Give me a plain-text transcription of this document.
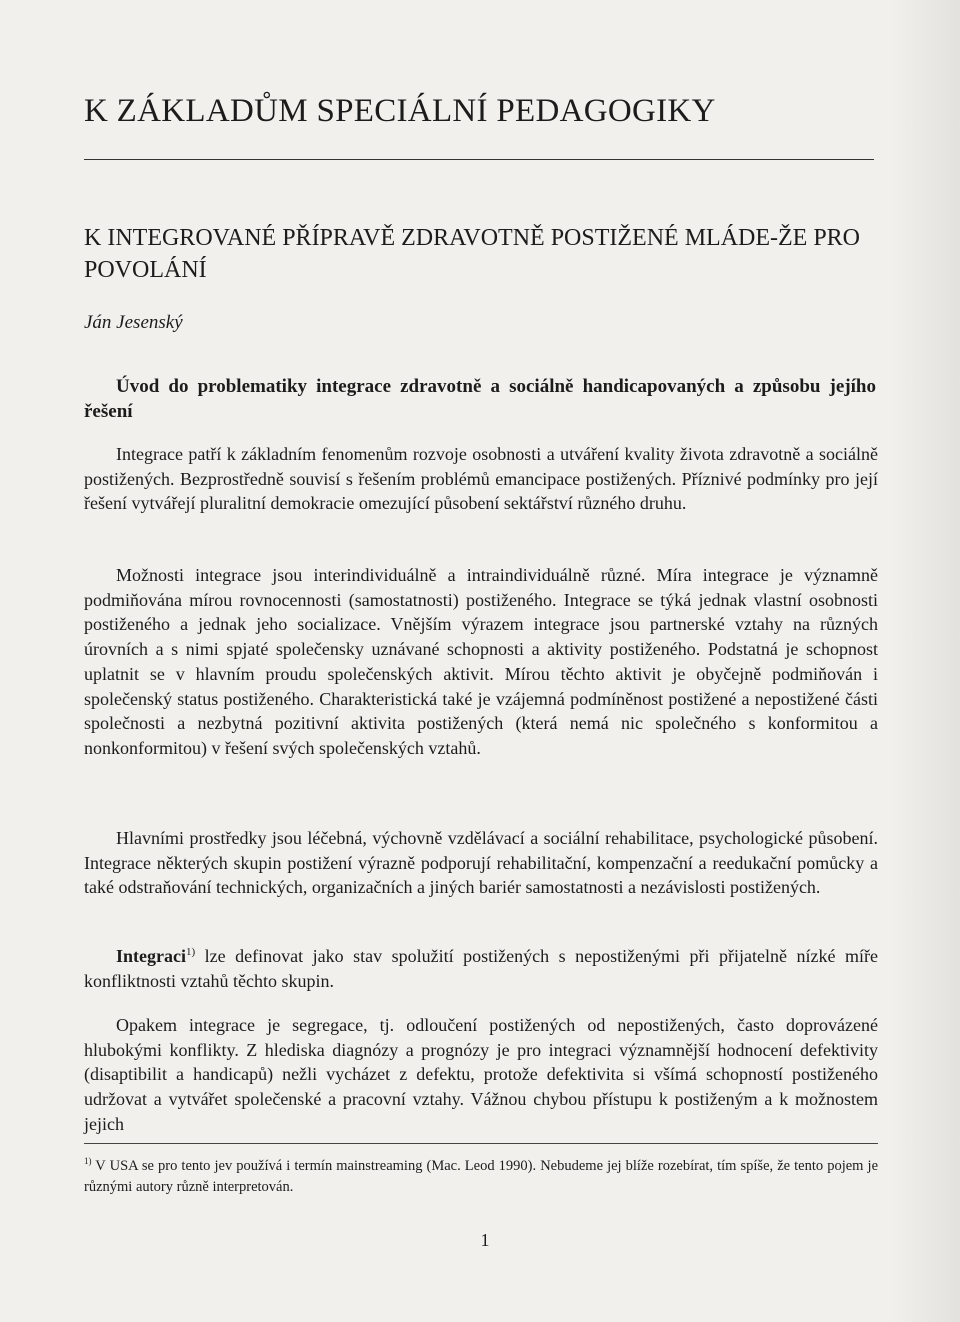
K ZÁKLADŮM SPECIÁLNÍ PEDAGOGIKY
K INTEGROVANÉ PŘÍPRAVĚ ZDRAVOTNĚ POSTIŽENÉ MLÁDE-ŽE PRO POVOLÁNÍ
Ján Jesenský

Úvod do problematiky integrace zdravotně a sociálně handicapovaných a způsobu jejího řešení

Integrace patří k základním fenomenům rozvoje osobnosti a utváření kvality života zdravotně a sociálně postižených. Bezprostředně souvisí s řešením problémů emancipace postižených. Příznivé podmínky pro její řešení vytvářejí pluralitní demokracie omezující působení sektářství různého druhu.

Možnosti integrace jsou interindividuálně a intraindividuálně různé. Míra integrace je významně podmiňována mírou rovnocennosti (samostatnosti) postiženého. Integrace se týká jednak vlastní osobnosti postiženého a jednak jeho socializace. Vnějším výrazem integrace jsou partnerské vztahy na různých úrovních a s nimi spjaté společensky uznávané schopnosti a aktivity postiženého. Podstatná je schopnost uplatnit se v hlavním proudu společenských aktivit. Mírou těchto aktivit je obyčejně podmiňován i společenský status postiženého. Charakteristická také je vzájemná podmíněnost postižené a nepostižené části společnosti a nezbytná pozitivní aktivita postižených (která nemá nic společného s konformitou a nonkonformitou) v řešení svých společenských vztahů.

Hlavními prostředky jsou léčebná, výchovně vzdělávací a sociální rehabilitace, psychologické působení. Integrace některých skupin postižení výrazně podporují rehabilitační, kompenzační a reedukační pomůcky a také odstraňování technických, organizačních a jiných bariér samostatnosti a nezávislosti postižených.

Integraci$^{1)}$ lze definovat jako stav spolužití postižených s nepostiženými při přijatelně nízké míře konfliktnosti vztahů těchto skupin.

Opakem integrace je segregace, tj. odloučení postižených od nepostižených, často doprovázené hlubokými konflikty. Z hlediska diagnózy a prognózy je pro integraci významnější hodnocení defektivity (disaptibilit a handicapů) nežli vycházet z defektu, protože defektivita si všímá schopností postiženého udržovat a vytvářet společenské a pracovní vztahy. Vážnou chybou přístupu k postiženým a k možnostem jejich

$^{1)}$ V USA se pro tento jev používá i termín mainstreaming (Mac. Leod 1990). Nebudeme jej blíže rozebírat, tím spíše, že tento pojem je různými autory různě interpretován.

1
